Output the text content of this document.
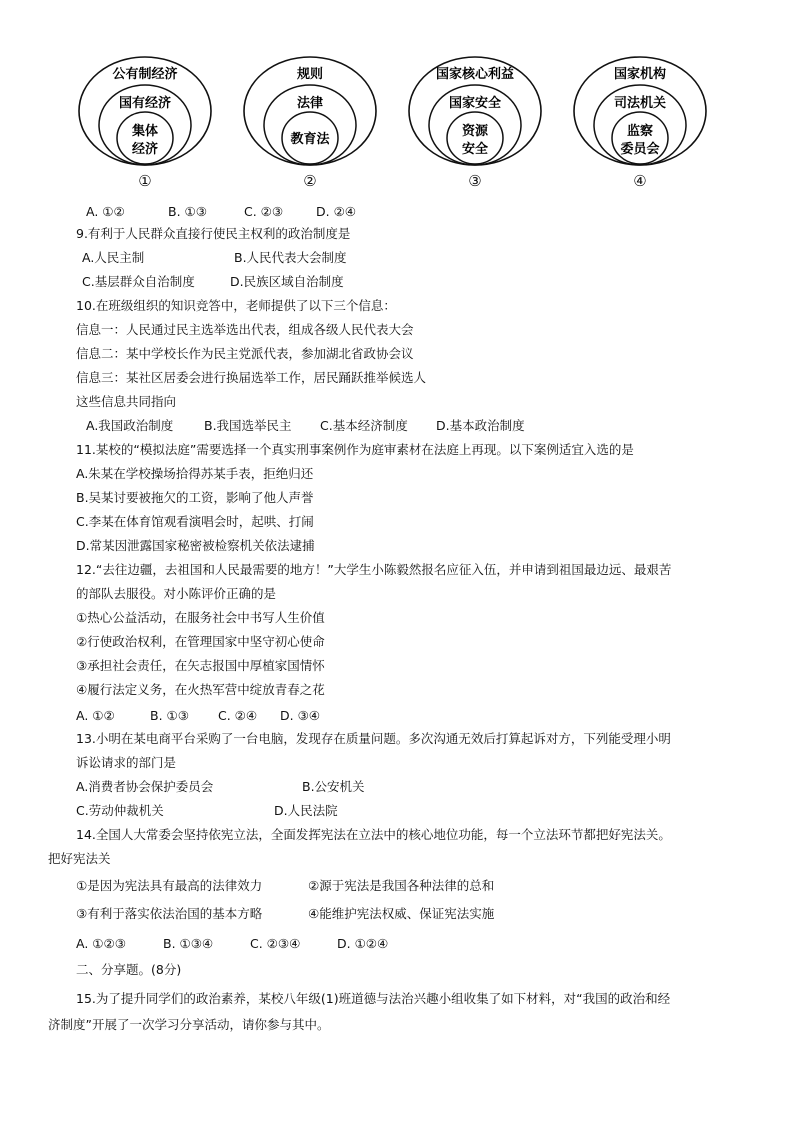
公有制经济
国有经济
集体
经济
①
规则
法律
教育法
②
国家核心利益
国家安全
资源
安全
③
国家机构
司法机关
监察
委员会
④
A. ①②	B. ①③	C. ②③	D. ②④
9.有利于人民群众直接行使民主权利的政治制度是
A.人民主制	B.人民代表大会制度
C.基层群众自治制度	D.民族区域自治制度
10.在班级组织的知识竞答中，老师提供了以下三个信息：
信息一：人民通过民主选举选出代表，组成各级人民代表大会
信息二：某中学校长作为民主党派代表，参加湖北省政协会议
信息三：某社区居委会进行换届选举工作，居民踊跃推举候选人
这些信息共同指向
A.我国政治制度 B.我国选举民主 C.基本经济制度 D.基本政治制度
11.某校的“模拟法庭”需要选择一个真实刑事案例作为庭审素材在法庭上再现。以下案例适宜入选的是
A.朱某在学校操场拾得苏某手表，拒绝归还
B.吴某讨要被拖欠的工资，影响了他人声誉
C.李某在体育馆观看演唱会时，起哄、打闹
D.常某因泄露国家秘密被检察机关依法逮捕
12.“去往边疆，去祖国和人民最需要的地方！”大学生小陈毅然报名应征入伍，并申请到祖国最边远、最艰苦
的部队去服役。对小陈评价正确的是
①热心公益活动，在服务社会中书写人生价值
②行使政治权利，在管理国家中坚守初心使命
③承担社会责任，在矢志报国中厚植家国情怀
④履行法定义务，在火热军营中绽放青春之花
A. ①②	B. ①③ C. ②④ D. ③④
13.小明在某电商平台采购了一台电脑，发现存在质量问题。多次沟通无效后打算起诉对方，下列能受理小明
诉讼请求的部门是
A.消费者协会保护委员会	B.公安机关
C.劳动仲裁机关	D.人民法院
14.全国人大常委会坚持依宪立法，全面发挥宪法在立法中的核心地位功能，每一个立法环节都把好宪法关。
把好宪法关
①是因为宪法具有最高的法律效力	②源于宪法是我国各种法律的总和
③有利于落实依法治国的基本方略	④能维护宪法权威、保证宪法实施
A. ①②③	B. ①③④	C. ②③④	D. ①②④
二、分享题。(8分)
15.为了提升同学们的政治素养，某校八年级(1)班道德与法治兴趣小组收集了如下材料，对“我国的政治和经
济制度”开展了一次学习分享活动，请你参与其中。
